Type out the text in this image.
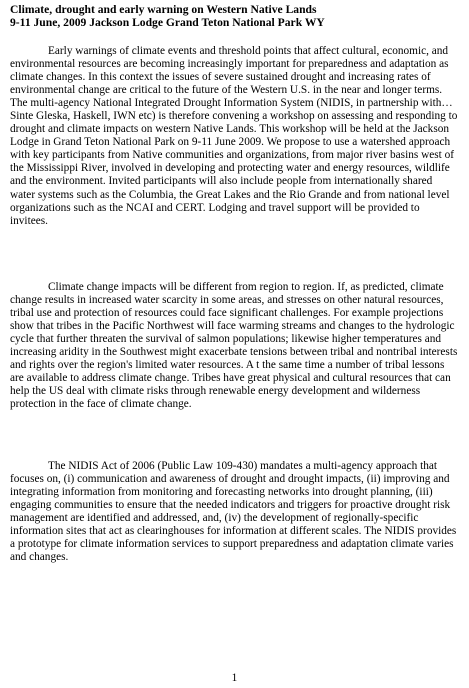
Climate, drought and early warning on Western Native Lands
9-11 June, 2009 Jackson Lodge Grand Teton National Park WY

Early warnings of climate events and threshold points that affect cultural, economic, and environmental resources are becoming increasingly important for preparedness and adaptation as climate changes. In this context the issues of severe sustained drought and increasing rates of environmental change are critical to the future of the Western U.S. in the near and longer terms. The multi-agency National Integrated Drought Information System (NIDIS, in partnership with…Sinte Gleska, Haskell, IWN etc) is therefore convening a workshop on assessing and responding to drought and climate impacts on western Native Lands. This workshop will be held at the Jackson Lodge in Grand Teton National Park on 9-11 June 2009. We propose to use a watershed approach with key participants from Native communities and organizations, from major river basins west of the Mississippi River, involved in developing and protecting water and energy resources, wildlife and the environment. Invited participants will also include people from internationally shared water systems such as the Columbia, the Great Lakes and the Rio Grande and from national level organizations such as the NCAI and CERT. Lodging and travel support will be provided to invitees.

Climate change impacts will be different from region to region. If, as predicted, climate change results in increased water scarcity in some areas, and stresses on other natural resources, tribal use and protection of resources could face significant challenges. For example projections show that tribes in the Pacific Northwest will face warming streams and changes to the hydrologic cycle that further threaten the survival of salmon populations; likewise higher temperatures and increasing aridity in the Southwest might exacerbate tensions between tribal and nontribal interests and rights over the region's limited water resources. A t the same time a number of tribal lessons are available to address climate change. Tribes have great physical and cultural resources that can help the US deal with climate risks through renewable energy development and wilderness protection in the face of climate change.

The NIDIS Act of 2006 (Public Law 109-430) mandates a multi-agency approach that focuses on, (i) communication and awareness of drought and drought impacts, (ii) improving and integrating information from monitoring and forecasting networks into drought planning, (iii) engaging communities to ensure that the needed indicators and triggers for proactive drought risk management are identified and addressed, and, (iv) the development of regionally-specific information sites that act as clearinghouses for information at different scales. The NIDIS provides a prototype for climate information services to support preparedness and adaptation climate varies and changes.

1
